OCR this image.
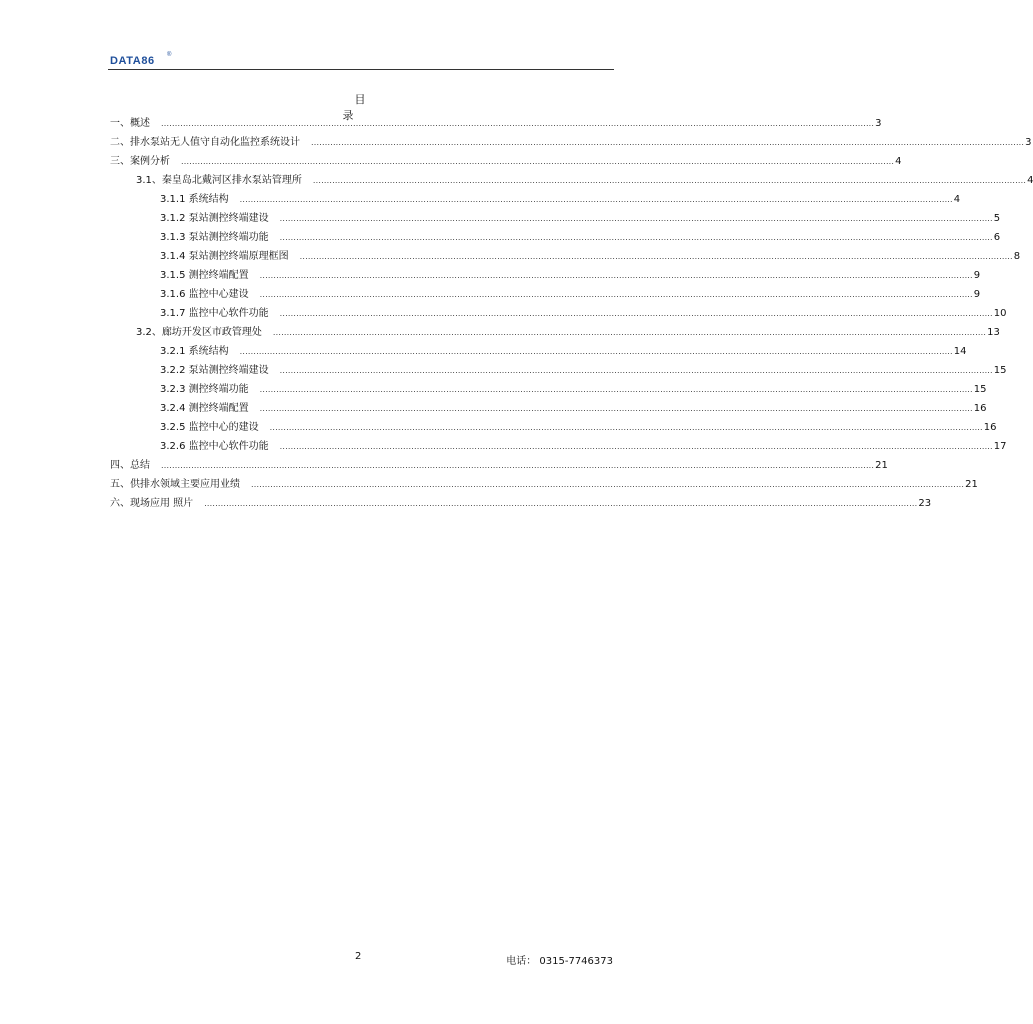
DATA86 ®
目 录
一、概述 .................................................................................................................................................................................................................................................................... 3
二、排水泵站无人值守自动化监控系统设计 .................................................................................................................................................................................................................................................................... 3
三、案例分析 .................................................................................................................................................................................................................................................................... 4
3.1、秦皇岛北戴河区排水泵站管理所 .................................................................................................................................................................................................................................................................... 4
3.1.1 系统结构 .................................................................................................................................................................................................................................................................... 4
3.1.2 泵站测控终端建设 .................................................................................................................................................................................................................................................................... 5
3.1.3 泵站测控终端功能 .................................................................................................................................................................................................................................................................... 6
3.1.4 泵站测控终端原理框图 .................................................................................................................................................................................................................................................................... 8
3.1.5 测控终端配置 .................................................................................................................................................................................................................................................................... 9
3.1.6 监控中心建设 .................................................................................................................................................................................................................................................................... 9
3.1.7 监控中心软件功能 .................................................................................................................................................................................................................................................................... 10
3.2、廊坊开发区市政管理处 .................................................................................................................................................................................................................................................................... 13
3.2.1 系统结构 .................................................................................................................................................................................................................................................................... 14
3.2.2 泵站测控终端建设 .................................................................................................................................................................................................................................................................... 15
3.2.3 测控终端功能 .................................................................................................................................................................................................................................................................... 15
3.2.4 测控终端配置 .................................................................................................................................................................................................................................................................... 16
3.2.5 监控中心的建设 .................................................................................................................................................................................................................................................................... 16
3.2.6 监控中心软件功能 .................................................................................................................................................................................................................................................................... 17
四、总结 .................................................................................................................................................................................................................................................................... 21
五、供排水领域主要应用业绩 .................................................................................................................................................................................................................................................................... 21
六、现场应用 照片 .................................................................................................................................................................................................................................................................... 23
2	电话： 0315-7746373
